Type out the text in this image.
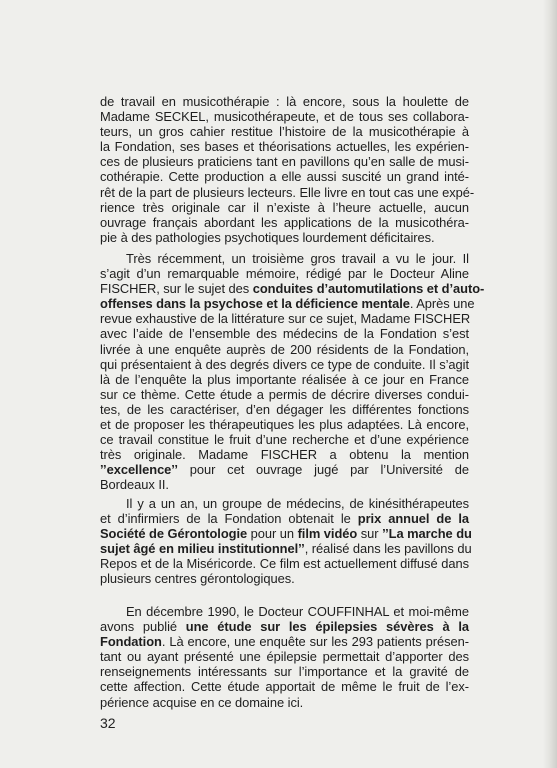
de travail en musicothérapie : là encore, sous la houlette de
Madame SECKEL, musicothérapeute, et de tous ses collabora-
teurs, un gros cahier restitue l’histoire de la musicothérapie à
la Fondation, ses bases et théorisations actuelles, les expérien-
ces de plusieurs praticiens tant en pavillons qu’en salle de musi-
cothérapie. Cette production a elle aussi suscité un grand inté-
rêt de la part de plusieurs lecteurs. Elle livre en tout cas une expé-
rience très originale car il n’existe à l’heure actuelle, aucun
ouvrage français abordant les applications de la musicothéra-
pie à des pathologies psychotiques lourdement déficitaires.

Très récemment, un troisième gros travail a vu le jour. Il
s’agit d’un remarquable mémoire, rédigé par le Docteur Aline
FISCHER, sur le sujet des conduites d’automutilations et d’auto-
offenses dans la psychose et la déficience mentale. Après une
revue exhaustive de la littérature sur ce sujet, Madame FISCHER
avec l’aide de l’ensemble des médecins de la Fondation s’est
livrée à une enquête auprès de 200 résidents de la Fondation,
qui présentaient à des degrés divers ce type de conduite. Il s’agit
là de l’enquête la plus importante réalisée à ce jour en France
sur ce thème. Cette étude a permis de décrire diverses condui-
tes, de les caractériser, d’en dégager les différentes fonctions
et de proposer les thérapeutiques les plus adaptées. Là encore,
ce travail constitue le fruit d’une recherche et d’une expérience
très originale. Madame FISCHER a obtenu la mention
’’excellence’’ pour cet ouvrage jugé par l’Université de
Bordeaux II.

Il y a un an, un groupe de médecins, de kinésithérapeutes
et d’infirmiers de la Fondation obtenait le prix annuel de la
Société de Gérontologie pour un film vidéo sur ’’La marche du
sujet âgé en milieu institutionnel’’, réalisé dans les pavillons du
Repos et de la Miséricorde. Ce film est actuellement diffusé dans
plusieurs centres gérontologiques.

En décembre 1990, le Docteur COUFFINHAL et moi-même
avons publié une étude sur les épilepsies sévères à la
Fondation. Là encore, une enquête sur les 293 patients présen-
tant ou ayant présenté une épilepsie permettait d’apporter des
renseignements intéressants sur l’importance et la gravité de
cette affection. Cette étude apportait de même le fruit de l’ex-
périence acquise en ce domaine ici.

32
